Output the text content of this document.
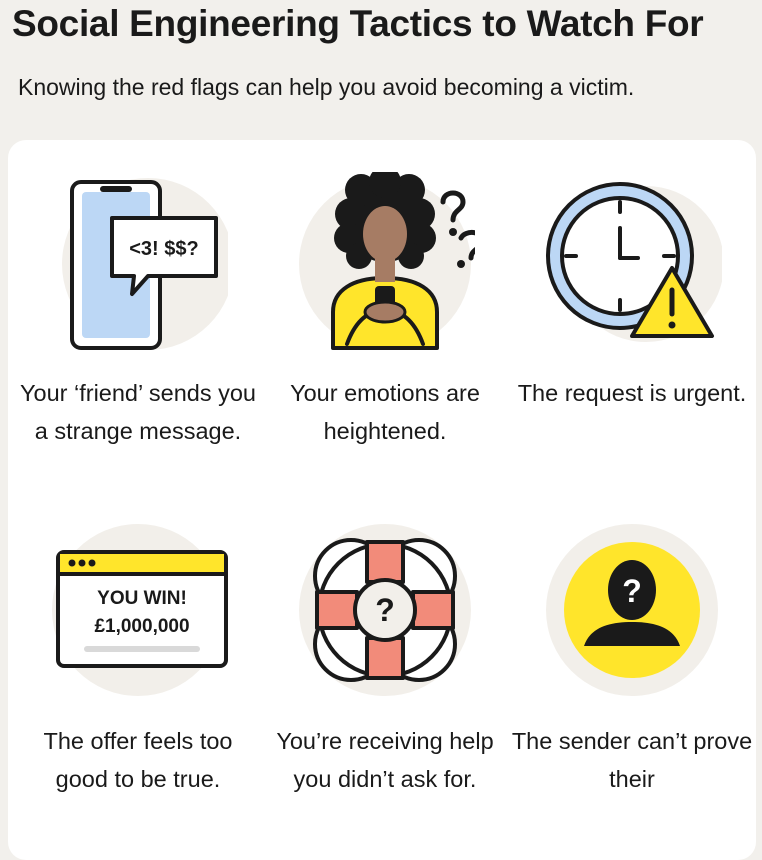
Social Engineering Tactics to Watch For

Knowing the red flags can help you avoid becoming a victim.

<3! $$?
Your ‘friend’ sends you a strange message.
Your emotions are heightened.
The request is urgent.
YOU WIN!
£1,000,000
The offer feels too good to be true.
?
You’re receiving help you didn’t ask for.
?
The sender can’t prove their
